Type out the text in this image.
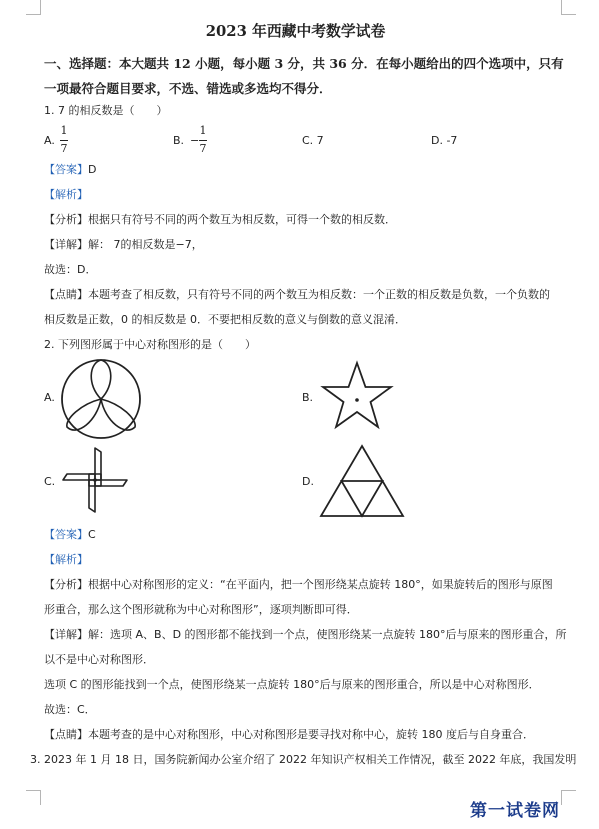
2023 年西藏中考数学试卷
一、选择题：本大题共 12 小题，每小题 3 分，共 36 分．在每小题给出的四个选项中，只有
一项最符合题目要求，不选、错选或多选均不得分．
1. 7 的相反数是（　　）
A.
1
7
B. −
1
7
C. 7	D. -7
【答案】D
【解析】
【分析】根据只有符号不同的两个数互为相反数，可得一个数的相反数．
【详解】解： 7的相反数是−7，
故选：D．
【点睛】本题考查了相反数，只有符号不同的两个数互为相反数：一个正数的相反数是负数，一个负数的
相反数是正数，0 的相反数是 0．不要把相反数的意义与倒数的意义混淆．
2. 下列图形属于中心对称图形的是（　　）
A.	B.
C.	D.
【答案】C
【解析】
【分析】根据中心对称图形的定义：“在平面内，把一个图形绕某点旋转 180°，如果旋转后的图形与原图
形重合，那么这个图形就称为中心对称图形”，逐项判断即可得．
【详解】解：选项 A、B、D 的图形都不能找到一个点，使图形绕某一点旋转 180°后与原来的图形重合，所
以不是中心对称图形．
选项 C 的图形能找到一个点，使图形绕某一点旋转 180°后与原来的图形重合，所以是中心对称图形．
故选：C．
【点睛】本题考查的是中心对称图形，中心对称图形是要寻找对称中心，旋转 180 度后与自身重合．
3. 2023 年 1 月 18 日，国务院新闻办公室介绍了 2022 年知识产权相关工作情况，截至 2022 年底，我国发明
第一试卷网
